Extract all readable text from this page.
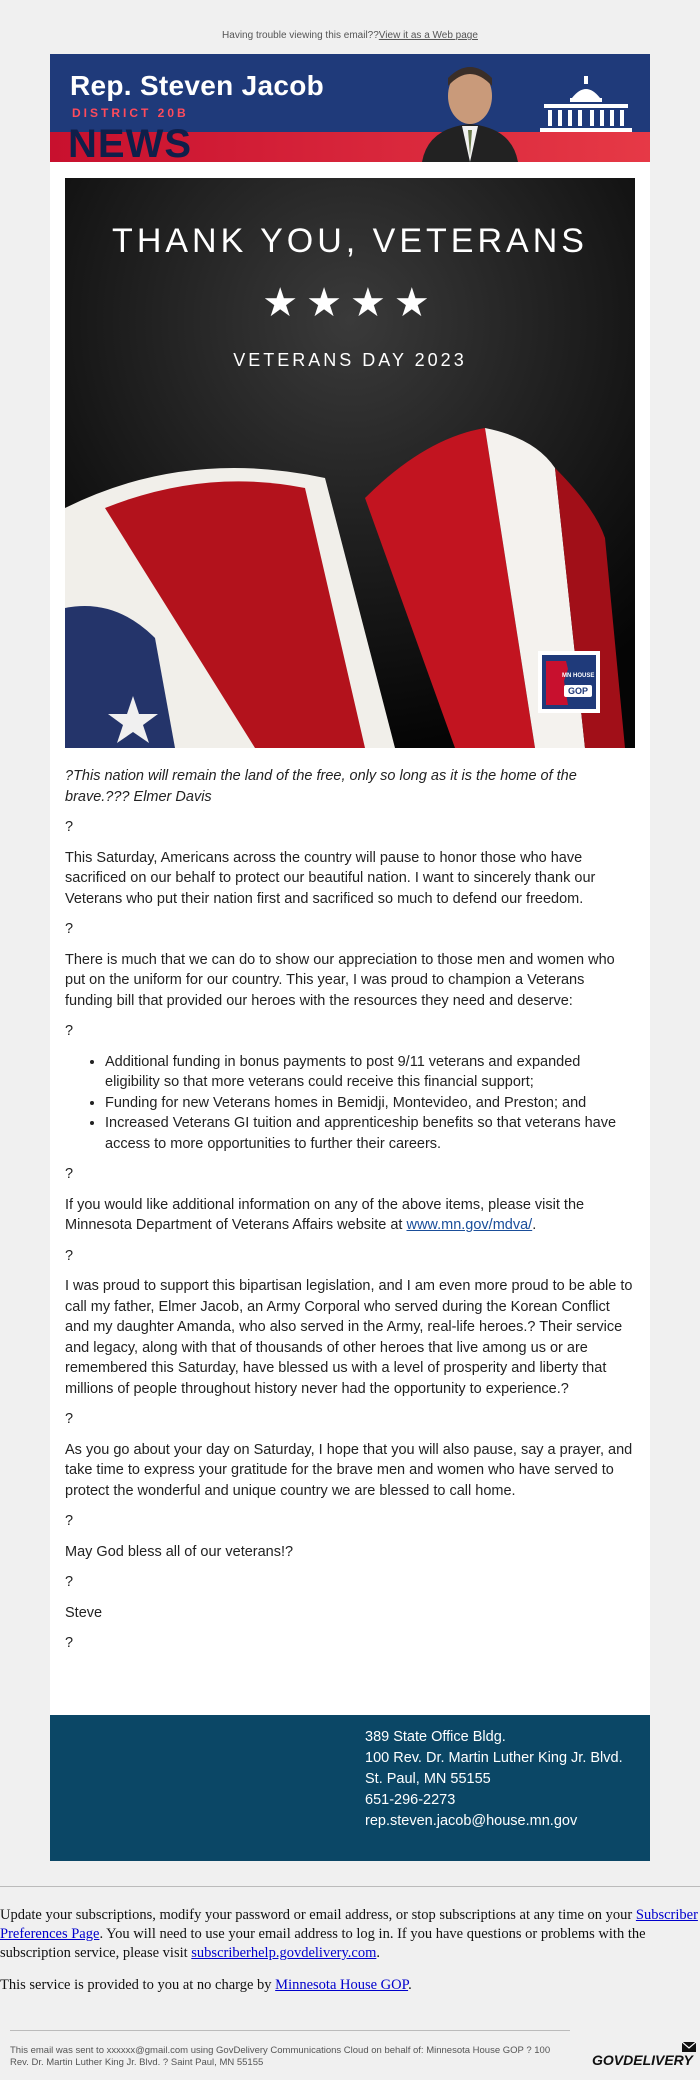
Having trouble viewing this email??View it as a Web page
NEWS
Rep. Steven Jacob
DISTRICT 20B
THANK YOU, VETERANS
★★★★
VETERANS DAY 2023
MN HOUSE
GOP

?This nation will remain the land of the free, only so long as it is the home of the brave.??? Elmer Davis

?

This Saturday, Americans across the country will pause to honor those who have sacrificed on our behalf to protect our beautiful nation. I want to sincerely thank our Veterans who put their nation first and sacrificed so much to defend our freedom.

?

There is much that we can do to show our appreciation to those men and women who put on the uniform for our country. This year, I was proud to champion a Veterans funding bill that provided our heroes with the resources they need and deserve:

?

• Additional funding in bonus payments to post 9/11 veterans and expanded eligibility so that more veterans could receive this financial support;
• Funding for new Veterans homes in Bemidji, Montevideo, and Preston; and
• Increased Veterans GI tuition and apprenticeship benefits so that veterans have access to more opportunities to further their careers.

?

If you would like additional information on any of the above items, please visit the Minnesota Department of Veterans Affairs website at www.mn.gov/mdva/.

?

I was proud to support this bipartisan legislation, and I am even more proud to be able to call my father, Elmer Jacob, an Army Corporal who served during the Korean Conflict and my daughter Amanda, who also served in the Army, real-life heroes.? Their service and legacy, along with that of thousands of other heroes that live among us or are remembered this Saturday, have blessed us with a level of prosperity and liberty that millions of people throughout history never had the opportunity to experience.?

?

As you go about your day on Saturday, I hope that you will also pause, say a prayer, and take time to express your gratitude for the brave men and women who have served to protect the wonderful and unique country we are blessed to call home.

?

May God bless all of our veterans!?

?

Steve

?

389 State Office Bldg.
100 Rev. Dr. Martin Luther King Jr. Blvd.
St. Paul, MN 55155
651-296-2273
rep.steven.jacob@house.mn.gov
Update your subscriptions, modify your password or email address, or stop subscriptions at any time on your Subscriber Preferences Page. You will need to use your email address to log in. If you have questions or problems with the subscription service, please visit subscriberhelp.govdelivery.com.
This service is provided to you at no charge by Minnesota House GOP.
This email was sent to xxxxxx@gmail.com using GovDelivery Communications Cloud on behalf of: Minnesota House GOP ? 100 Rev. Dr. Martin Luther King Jr. Blvd. ? Saint Paul, MN 55155	GOVDELIVERY
